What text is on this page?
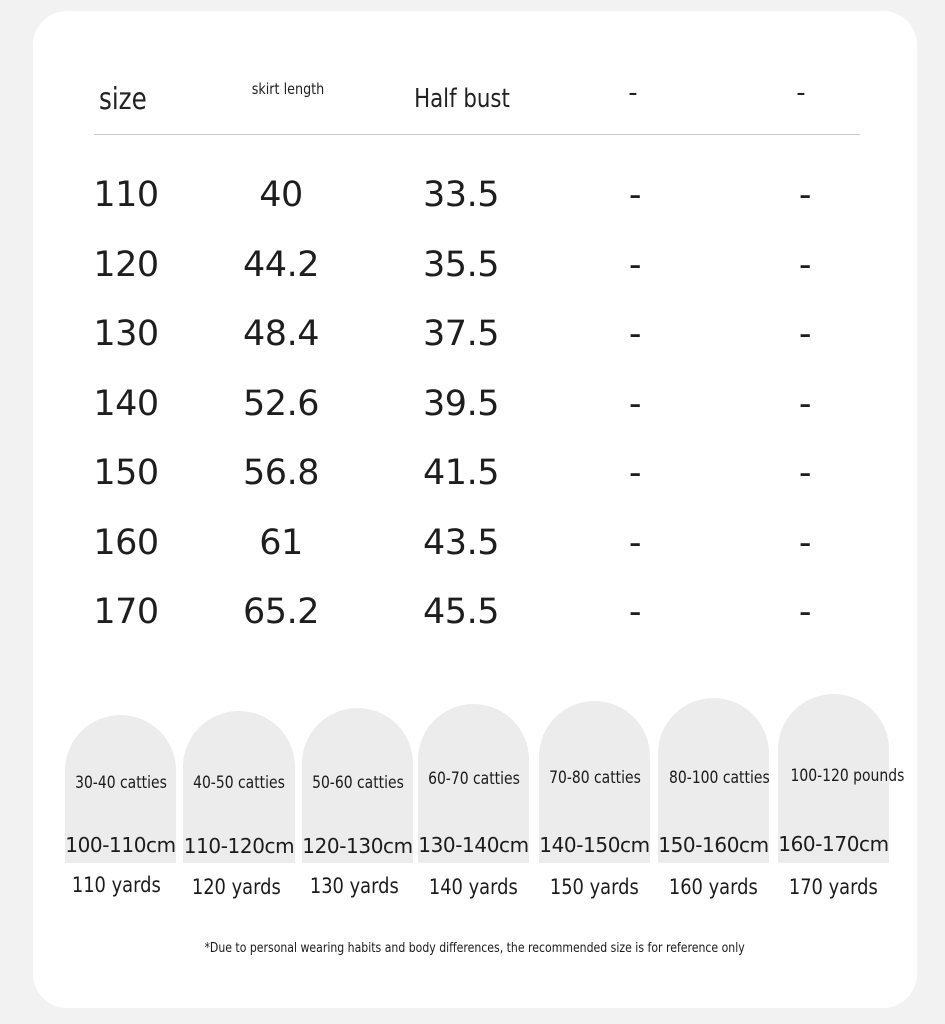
size	skirt length	Half bust	-	-
110	40	33.5	-	-
120	44.2	35.5	-	-
130	48.4	37.5	-	-
140	52.6	39.5	-	-
150	56.8	41.5	-	-
160	61	43.5	-	-
170	65.2	45.5	-	-
30-40 catties
100-110cm
40-50 catties
110-120cm
50-60 catties
120-130cm
60-70 catties
130-140cm
70-80 catties
140-150cm
80-100 catties
150-160cm
100-120 pounds
160-170cm
110 yards	120 yards	130 yards	140 yards	150 yards	160 yards	170 yards
*Due to personal wearing habits and body differences, the recommended size is for reference only
